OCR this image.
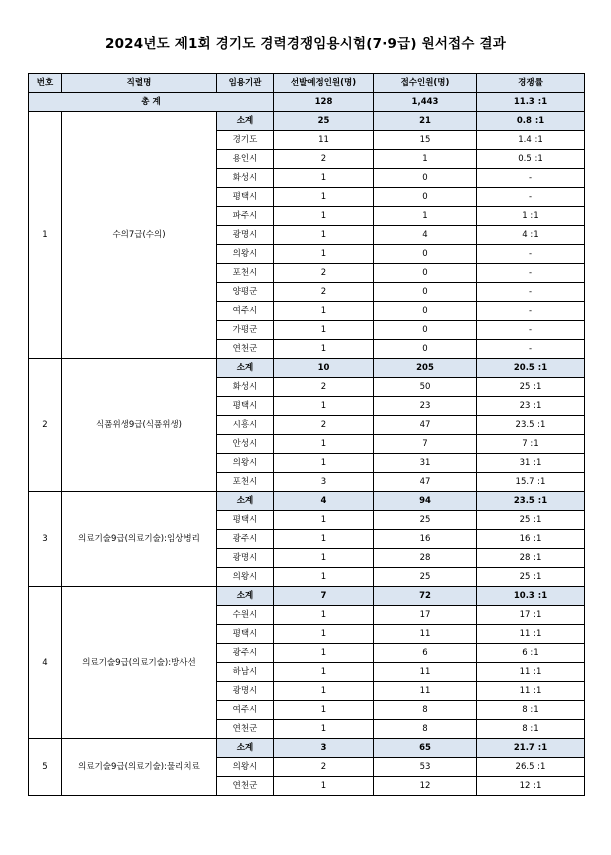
2024년도 제1회 경기도 경력경쟁임용시험(7·9급) 원서접수 결과
번호	직렬명	임용기관	선발예정인원(명)	접수인원(명)	경쟁률
총 계			128	1,443	11.3 :1
1	수의7급(수의)	소계	25	21	0.8 :1
		경기도	11	15	1.4 :1
		용인시	2	1	0.5 :1
		화성시	1	0	-
		평택시	1	0	-
		파주시	1	1	1 :1
		광명시	1	4	4 :1
		의왕시	1	0	-
		포천시	2	0	-
		양평군	2	0	-
		여주시	1	0	-
		가평군	1	0	-
		연천군	1	0	-
2	식품위생9급(식품위생)	소계	10	205	20.5 :1
		화성시	2	50	25 :1
		평택시	1	23	23 :1
		시흥시	2	47	23.5 :1
		안성시	1	7	7 :1
		의왕시	1	31	31 :1
		포천시	3	47	15.7 :1
3	의료기술9급(의료기술):임상병리	소계	4	94	23.5 :1
		평택시	1	25	25 :1
		광주시	1	16	16 :1
		광명시	1	28	28 :1
		의왕시	1	25	25 :1
4	의료기술9급(의료기술):방사선	소계	7	72	10.3 :1
		수원시	1	17	17 :1
		평택시	1	11	11 :1
		광주시	1	6	6 :1
		하남시	1	11	11 :1
		광명시	1	11	11 :1
		여주시	1	8	8 :1
		연천군	1	8	8 :1
5	의료기술9급(의료기술):물리치료	소계	3	65	21.7 :1
		의왕시	2	53	26.5 :1
		연천군	1	12	12 :1
